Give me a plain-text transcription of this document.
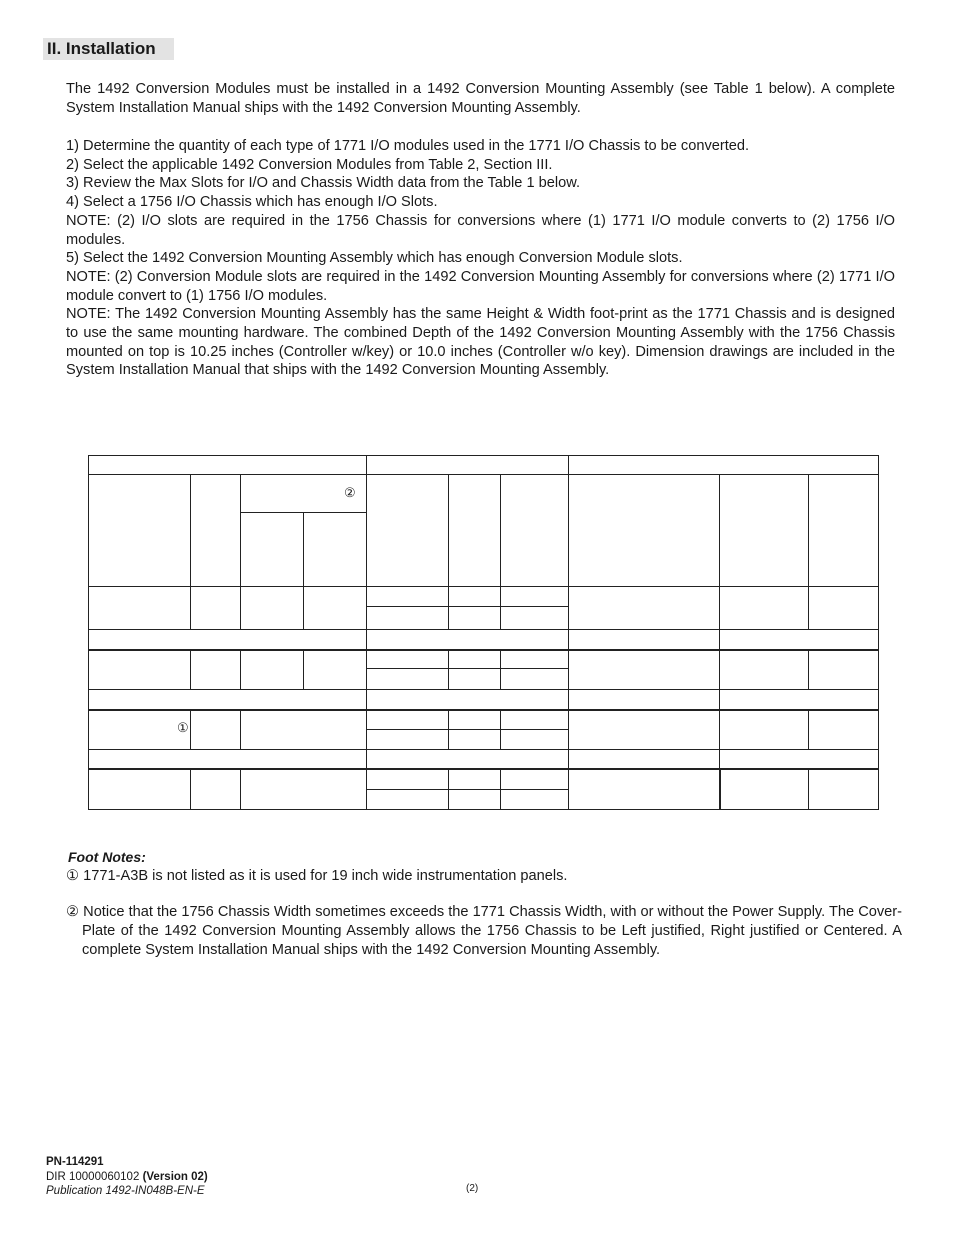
II. Installation

The 1492 Conversion Modules must be installed in a 1492 Conversion Mounting Assembly (see Table 1 below). A complete System Installation Manual ships with the 1492 Conversion Mounting Assembly.

1) Determine the quantity of each type of 1771 I/O modules used in the 1771 I/O Chassis to be converted.

2) Select the applicable 1492 Conversion Modules from Table 2, Section III.

3) Review the Max Slots for I/O and Chassis Width data from the Table 1 below.

4) Select a 1756 I/O Chassis which has enough I/O Slots.

NOTE: (2) I/O slots are required in the 1756 Chassis for conversions where (1) 1771 I/O module converts to (2) 1756 I/O modules.

5) Select the 1492 Conversion Mounting Assembly which has enough Conversion Module slots.

NOTE: (2) Conversion Module slots are required in the 1492 Conversion Mounting Assembly for conversions where (2) 1771 I/O module convert to (1) 1756 I/O modules.

NOTE: The 1492 Conversion Mounting Assembly has the same Height & Width foot-print as the 1771 Chassis and is designed to use the same mounting hardware. The combined Depth of the 1492 Conversion Mounting Assembly with the 1756 Chassis mounted on top is 10.25 inches (Controller w/key) or 10.0 inches (Controller w/o key). Dimension drawings are included in the System Installation Manual that ships with the 1492 Conversion Mounting Assembly.

②
①

Foot Notes:

① 1771-A3B is not listed as it is used for 19 inch wide instrumentation panels.

② Notice that the 1756 Chassis Width sometimes exceeds the 1771 Chassis Width, with or without the Power Supply. The Cover-Plate of the 1492 Conversion Mounting Assembly allows the 1756 Chassis to be Left justified, Right justified or Centered. A complete System Installation Manual ships with the 1492 Conversion Mounting Assembly.

PN-114291
DIR 10000060102 (Version 02)
Publication 1492-IN048B-EN-E	(2)
